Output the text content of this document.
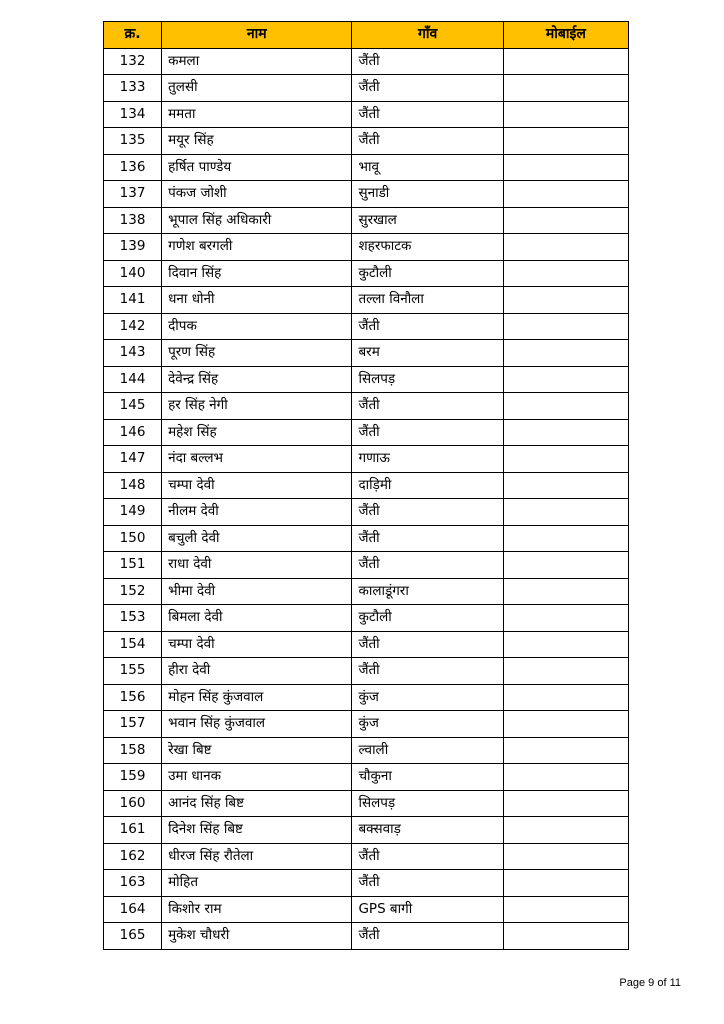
क्र.	नाम	गाँव	मोबाईल
132	कमला	जैंती	
133	तुलसी	जैंती	
134	ममता	जैंती	
135	मयूर सिंह	जैंती	
136	हर्षित पाण्डेय	भावू	
137	पंकज जोशी	सुनाडी	
138	भूपाल सिंह अधिकारी	सुरखाल	
139	गणेश बरगली	शहरफाटक	
140	दिवान सिंह	कुटौली	
141	धना धोनी	तल्ला विनौला	
142	दीपक	जैंती	
143	पूरण सिंह	बरम	
144	देवेन्द्र सिंह	सिलपड़	
145	हर सिंह नेगी	जैंती	
146	महेश सिंह	जैंती	
147	नंदा बल्लभ	गणाऊ	
148	चम्पा देवी	दाड़िमी	
149	नीलम देवी	जैंती	
150	बचुली देवी	जैंती	
151	राधा देवी	जैंती	
152	भीमा देवी	कालाडूंगरा	
153	बिमला देवी	कुटौली	
154	चम्पा देवी	जैंती	
155	हीरा देवी	जैंती	
156	मोहन सिंह कुंजवाल	कुंज	
157	भवान सिंह कुंजवाल	कुंज	
158	रेखा बिष्ट	ल्वाली	
159	उमा धानक	चौकुना	
160	आनंद सिंह बिष्ट	सिलपड़	
161	दिनेश सिंह बिष्ट	बक्सवाड़	
162	धीरज सिंह रौतेला	जैंती	
163	मोहित	जैंती	
164	किशोर राम	GPS बागी	
165	मुकेश चौधरी	जैंती	
Page 9 of 11
